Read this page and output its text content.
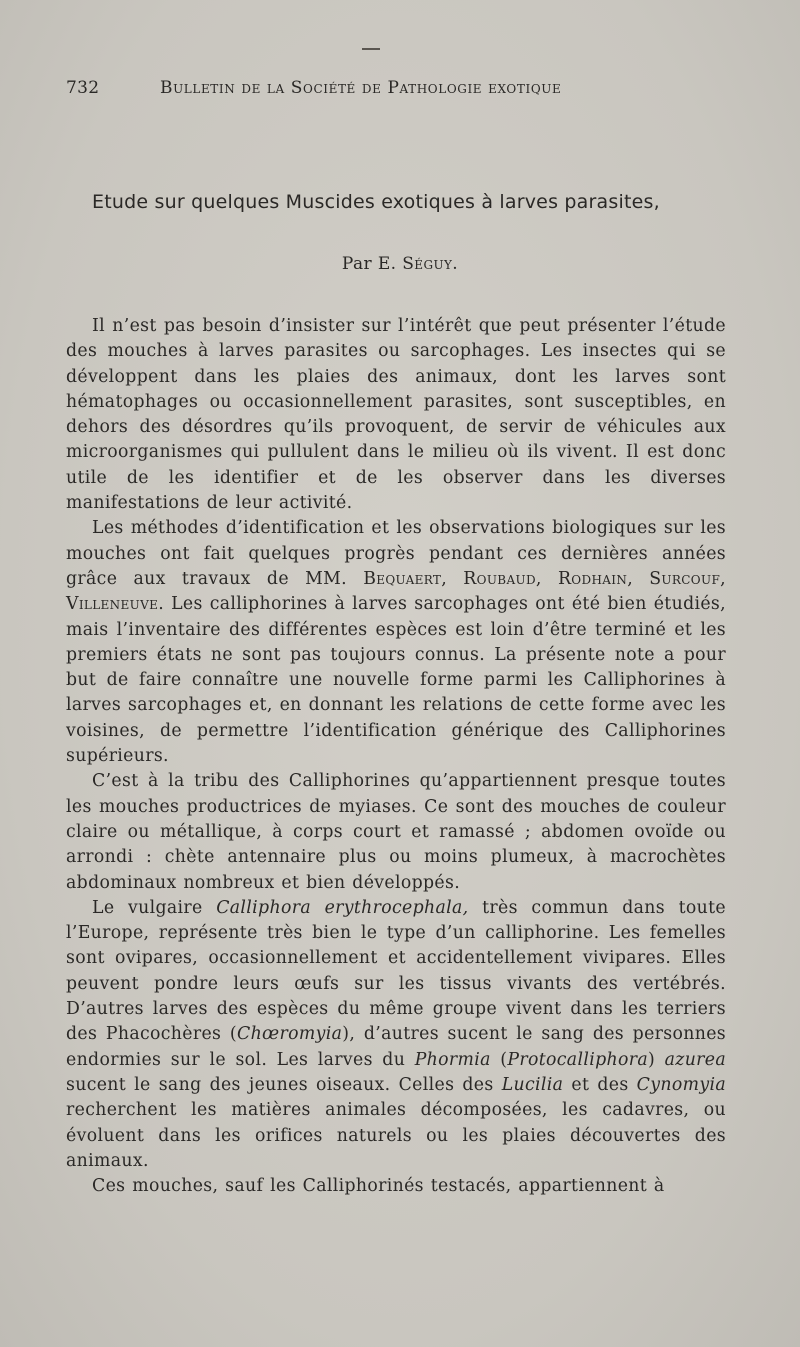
732	Bulletin de la Société de Pathologie exotique
Etude sur quelques Muscides exotiques à larves parasites,
Par E. Séguy.

Il n’est pas besoin d’insister sur l’intérêt que peut présenter l’étude des mouches à larves parasites ou sarcophages. Les insectes qui se développent dans les plaies des animaux, dont les larves sont hématophages ou occasionnellement parasites, sont susceptibles, en dehors des désordres qu’ils provoquent, de servir de véhicules aux microorganismes qui pullulent dans le milieu où ils vivent. Il est donc utile de les identifier et de les observer dans les diverses manifestations de leur activité.

Les méthodes d’identification et les observations biologiques sur les mouches ont fait quelques progrès pendant ces dernières années grâce aux travaux de MM. Bequaert, Roubaud, Rodhain, Surcouf, Villeneuve. Les calliphorines à larves sarcophages ont été bien étudiés, mais l’inventaire des différentes espèces est loin d’être terminé et les premiers états ne sont pas toujours connus. La présente note a pour but de faire connaître une nouvelle forme parmi les Calliphorines à larves sarcophages et, en donnant les relations de cette forme avec les voisines, de permettre l’identification générique des Calliphorines supérieurs.

C’est à la tribu des Calliphorines qu’appartiennent presque toutes les mouches productrices de myiases. Ce sont des mouches de couleur claire ou métallique, à corps court et ramassé ; abdomen ovoïde ou arrondi : chète antennaire plus ou moins plumeux, à macrochètes abdominaux nombreux et bien développés.

Le vulgaire Calliphora erythrocephala, très commun dans toute l’Europe, représente très bien le type d’un calliphorine. Les femelles sont ovipares, occasionnellement et accidentellement vivipares. Elles peuvent pondre leurs œufs sur les tissus vivants des vertébrés. D’autres larves des espèces du même groupe vivent dans les terriers des Phacochères (Chœromyia), d’autres sucent le sang des personnes endormies sur le sol. Les larves du Phormia (Protocalliphora) azurea sucent le sang des jeunes oiseaux. Celles des Lucilia et des Cynomyia recherchent les matières animales décomposées, les cadavres, ou évoluent dans les orifices naturels ou les plaies découvertes des animaux.

Ces mouches, sauf les Calliphorinés testacés, appartiennent à
